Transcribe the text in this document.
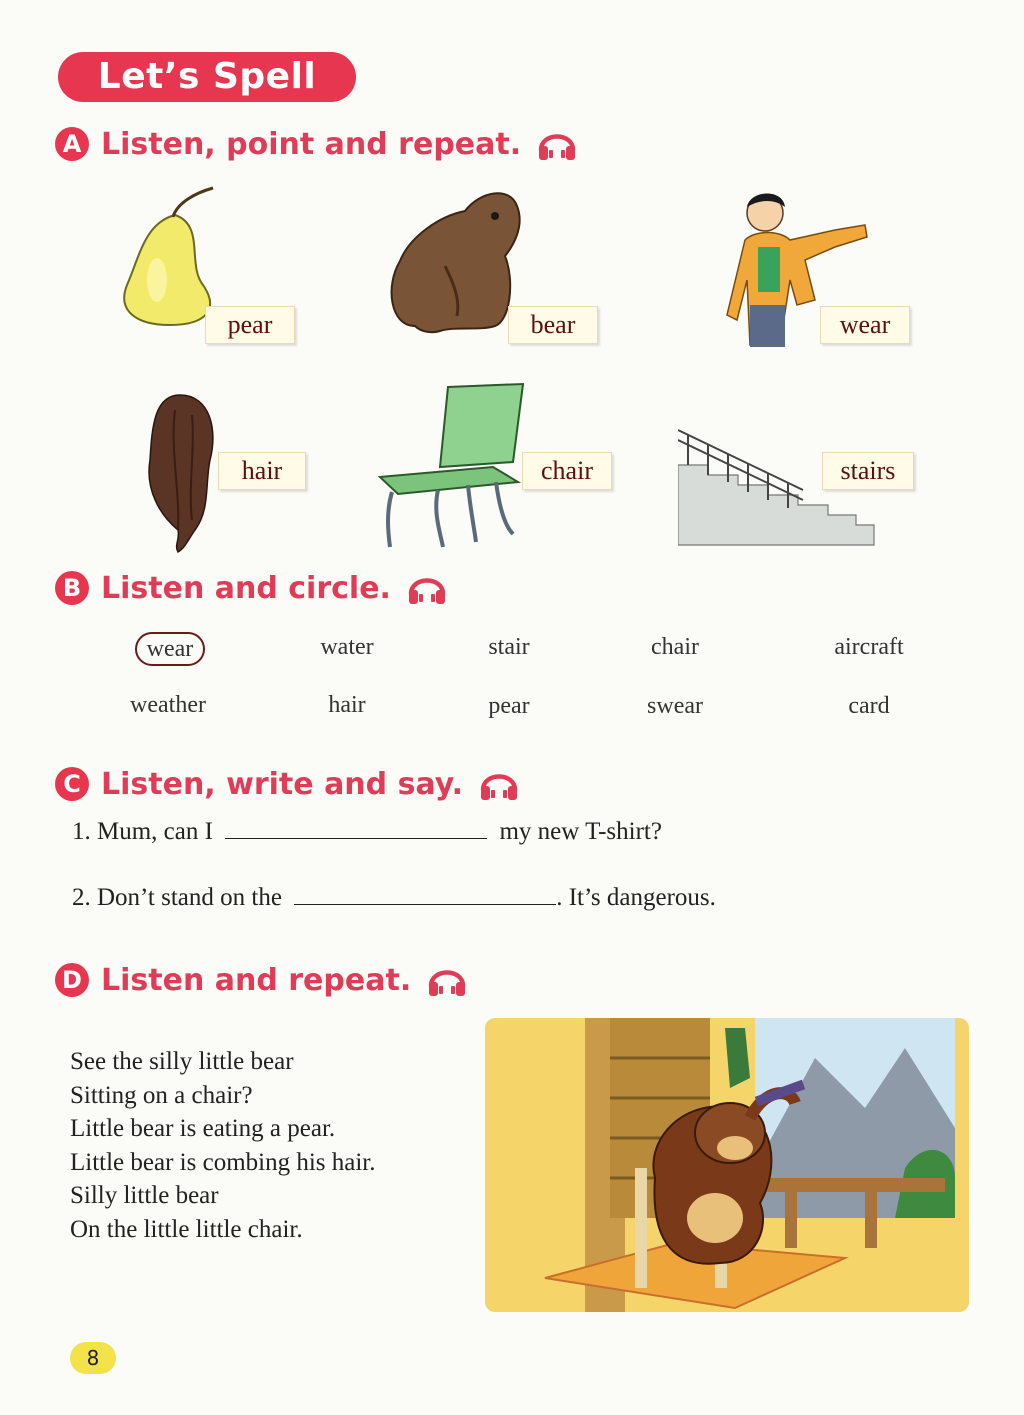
Let’s Spell
A Listen, point and repeat.
pear	bear	wear
hair	chair	stairs
B Listen and circle.
wear	water	stair	chair	aircraft
weather	hair	pear	swear	card
C Listen, write and say.
1. Mum, can I	my new T-shirt?
2. Don’t stand on the	. It’s dangerous.
D Listen and repeat.
See the silly little bear
Sitting on a chair?
Little bear is eating a pear.
Little bear is combing his hair.
Silly little bear
On the little little chair.
8
